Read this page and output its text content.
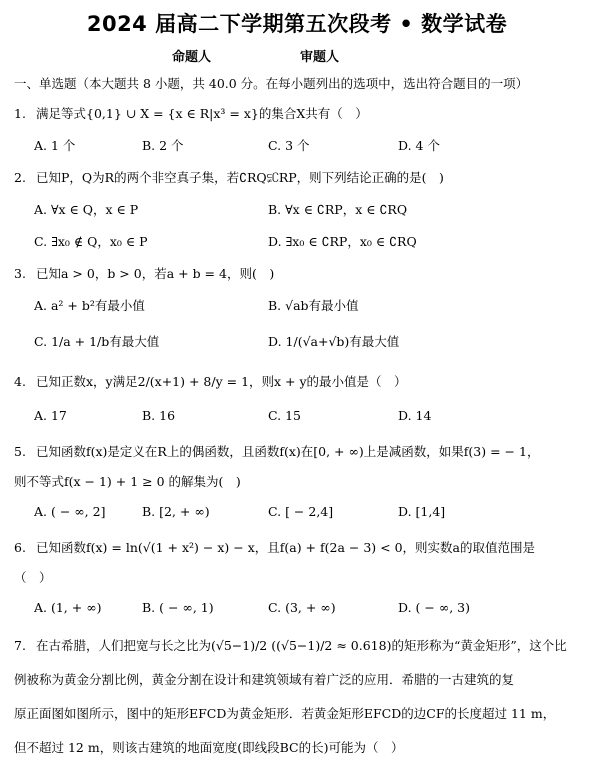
2024 届高二下学期第五次段考 • 数学试卷
命题人	审题人
一、单选题（本大题共 8 小题，共 40.0 分。在每小题列出的选项中，选出符合题目的一项）
1. 满足等式{0,1} ∪ X = {x ∈ R|x³ = x}的集合X共有（　）
A. 1 个	B. 2 个	C. 3 个	D. 4 个
2. 已知P，Q为R的两个非空真子集，若∁RQ⫋∁RP，则下列结论正确的是(　)
A. ∀x ∈ Q，x ∈ P	B. ∀x ∈ ∁RP，x ∈ ∁RQ
C. ∃x₀ ∉ Q，x₀ ∈ P	D. ∃x₀ ∈ ∁RP，x₀ ∈ ∁RQ
3. 已知a > 0，b > 0，若a + b = 4，则(　)
A. a² + b²有最小值	B. √ab有最小值
C. 1/a + 1/b有最大值	D. 1/(√a+√b)有最大值
4. 已知正数x，y满足2/(x+1) + 8/y = 1，则x + y的最小值是（　）
A. 17	B. 16	C. 15	D. 14
5. 已知函数f(x)是定义在R上的偶函数，且函数f(x)在[0, + ∞)上是减函数，如果f(3) = − 1，
则不等式f(x − 1) + 1 ≥ 0 的解集为(　)
A. ( − ∞, 2]	B. [2, + ∞)	C. [ − 2,4]	D. [1,4]
6. 已知函数f(x) = ln(√(1 + x²) − x) − x，且f(a) + f(2a − 3) < 0，则实数a的取值范围是
（　）
A. (1, + ∞)	B. ( − ∞, 1)	C. (3, + ∞)	D. ( − ∞, 3)
7. 在古希腊，人们把宽与长之比为(√5−1)/2 ((√5−1)/2 ≈ 0.618)的矩形称为“黄金矩形”，这个比
例被称为黄金分割比例，黄金分割在设计和建筑领域有着广泛的应用．希腊的一古建筑的复
原正面图如图所示，图中的矩形EFCD为黄金矩形．若黄金矩形EFCD的边CF的长度超过 11 m，
但不超过 12 m，则该古建筑的地面宽度(即线段BC的长)可能为（　）
